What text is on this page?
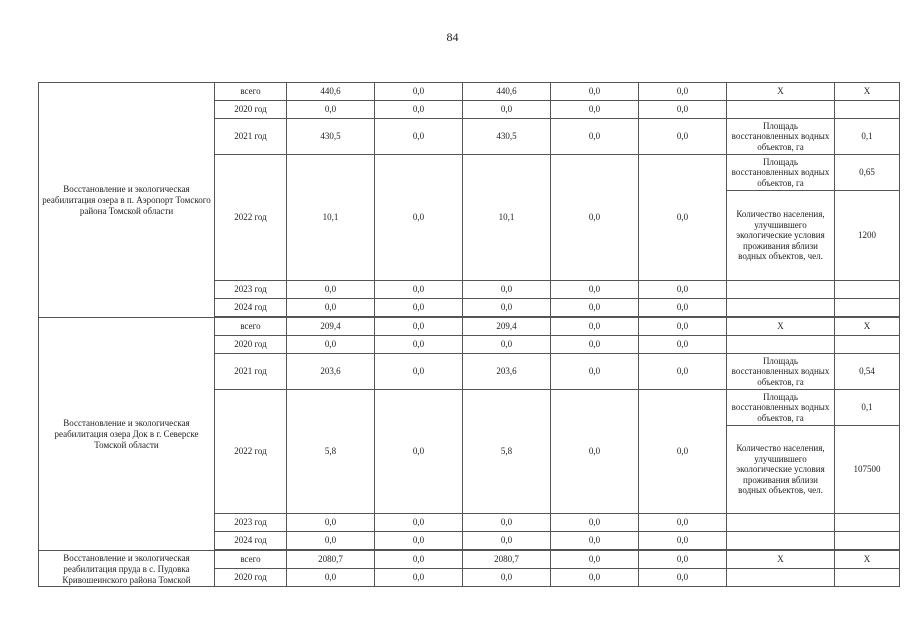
84
Восстановление и экологическая реабилитация озера в п. Аэропорт Томского района Томской области	всего	440,6	0,0	440,6	0,0	0,0	Х	Х
	2020 год	0,0	0,0	0,0	0,0	0,0		
	2021 год	430,5	0,0	430,5	0,0	0,0	Площадь восстановленных водных объектов, га	0,1
	2022 год	10,1	0,0	10,1	0,0	0,0	Площадь восстановленных водных объектов, га	0,65
							Количество населения, улучшившего экологические условия проживания вблизи водных объектов, чел.	1200
	2023 год	0,0	0,0	0,0	0,0	0,0		
	2024 год	0,0	0,0	0,0	0,0	0,0		

Восстановление и экологическая реабилитация озера Док в г. Северске Томской области	всего	209,4	0,0	209,4	0,0	0,0	Х	Х
	2020 год	0,0	0,0	0,0	0,0	0,0		
	2021 год	203,6	0,0	203,6	0,0	0,0	Площадь восстановленных водных объектов, га	0,54
	2022 год	5,8	0,0	5,8	0,0	0,0	Площадь восстановленных водных объектов, га	0,1
							Количество населения, улучшившего экологические условия проживания вблизи водных объектов, чел.	107500
	2023 год	0,0	0,0	0,0	0,0	0,0		
	2024 год	0,0	0,0	0,0	0,0	0,0		

Восстановление и экологическая реабилитация пруда в с. Пудовка Кривошеинского района Томской	всего	2080,7	0,0	2080,7	0,0	0,0	Х	Х
	2020 год	0,0	0,0	0,0	0,0	0,0		
